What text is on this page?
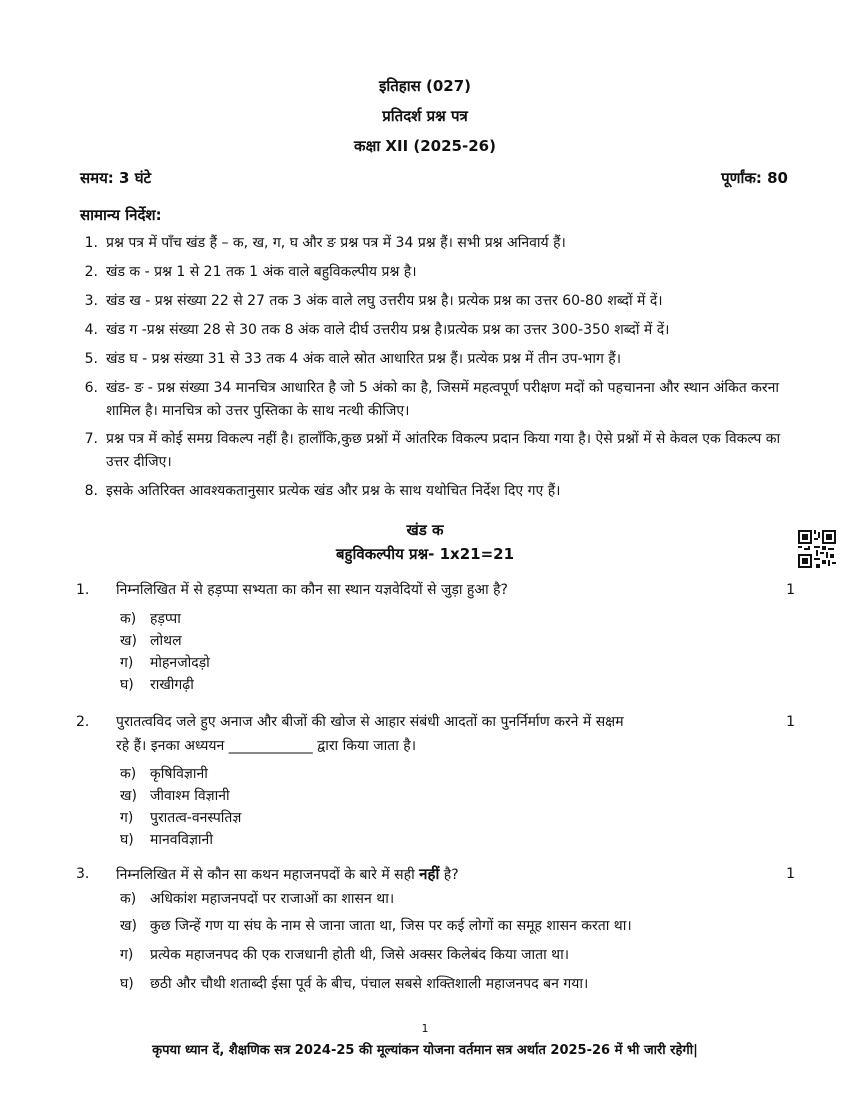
इतिहास (027)
प्रतिदर्श प्रश्न पत्र
कक्षा XII (2025-26)
समय: 3 घंटे	पूर्णांक: 80
सामान्य निर्देश:
1. प्रश्न पत्र में पाँच खंड हैं – क, ख, ग, घ और ङ प्रश्न पत्र में 34 प्रश्न हैं। सभी प्रश्न अनिवार्य हैं।
2. खंड क - प्रश्न 1 से 21 तक 1 अंक वाले बहुविकल्पीय प्रश्न है।
3. खंड ख - प्रश्न संख्या 22 से 27 तक 3 अंक वाले लघु उत्तरीय प्रश्न है। प्रत्येक प्रश्न का उत्तर 60-80 शब्दों में दें।
4. खंड ग -प्रश्न संख्या 28 से 30 तक 8 अंक वाले दीर्घ उत्तरीय प्रश्न है।प्रत्येक प्रश्न का उत्तर 300-350 शब्दों में दें।
5. खंड घ - प्रश्न संख्या 31 से 33 तक 4 अंक वाले स्रोत आधारित प्रश्न हैं। प्रत्येक प्रश्न में तीन उप-भाग हैं।
6. खंड- ङ - प्रश्न संख्या 34 मानचित्र आधारित है जो 5 अंको का है, जिसमें महत्वपूर्ण परीक्षण मदों को पहचानना और स्थान अंकित करना शामिल है। मानचित्र को उत्तर पुस्तिका के साथ नत्थी कीजिए।
7. प्रश्न पत्र में कोई समग्र विकल्प नहीं है। हालाँकि,कुछ प्रश्नों में आंतरिक विकल्प प्रदान किया गया है। ऐसे प्रश्नों में से केवल एक विकल्प का उत्तर दीजिए।
8. इसके अतिरिक्त आवश्यकतानुसार प्रत्येक खंड और प्रश्न के साथ यथोचित निर्देश दिए गए हैं।
खंड क
बहुविकल्पीय प्रश्न- 1x21=21
1.	निम्नलिखित में से हड़प्पा सभ्यता का कौन सा स्थान यज्ञवेदियों से जुड़ा हुआ है?	1
क) हड़प्पा
ख) लोथल
ग) मोहनजोदड़ो
घ) राखीगढ़ी
2.	पुरातत्वविद जले हुए अनाज और बीजों की खोज से आहार संबंधी आदतों का पुनर्निर्माण करने में सक्षम
रहे हैं। इनका अध्ययन ____________ द्वारा किया जाता है।
1
क) कृषिविज्ञानी
ख) जीवाश्म विज्ञानी
ग) पुरातत्व-वनस्पतिज्ञ
घ) मानवविज्ञानी
3.	निम्नलिखित में से कौन सा कथन महाजनपदों के बारे में सही नहीं है?	1
क) अधिकांश महाजनपदों पर राजाओं का शासन था।
ख) कुछ जिन्हें गण या संघ के नाम से जाना जाता था, जिस पर कई लोगों का समूह शासन करता था।
ग) प्रत्येक महाजनपद की एक राजधानी होती थी, जिसे अक्सर किलेबंद किया जाता था।
घ) छठी और चौथी शताब्दी ईसा पूर्व के बीच, पंचाल सबसे शक्तिशाली महाजनपद बन गया।
1
कृपया ध्यान दें, शैक्षणिक सत्र 2024-25 की मूल्यांकन योजना वर्तमान सत्र अर्थात 2025-26 में भी जारी रहेगी|
